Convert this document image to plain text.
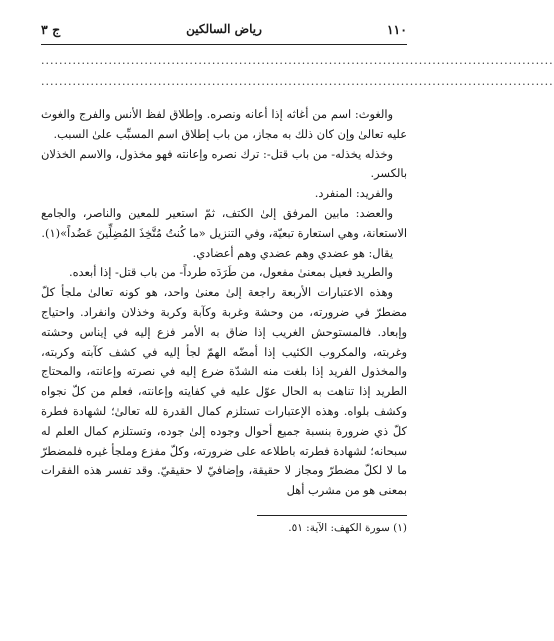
١١٠
رياض السالكين
ج ٣
..................................................................................................................
..................................................................................................................

والغوث: اسم من أغاثه إذا أعانه ونصره. وإطلاق لفظ الأنس والفرج والغوث عليه تعالىٰ وإن كان ذلك به مجاز، من باب إطلاق اسم المسبِّب علىٰ السبب.

وخذله يخذله- من باب قتل-: ترك نصره وإعانته فهو مخذول، والاسم الخذلان بالكسر.

والفريد: المنفرد.

والعضد: مابين المرفق إلىٰ الكتف، ثمّ استعير للمعين والناصر، والجامع الاستعانة، وهي استعارة تبعيّة، وفي التنزيل «ما كُنتُ مُتَّخِذَ المُضِلِّينَ عَضُداً»(١).

يقال: هو عضدي وهم عضدي وهم أعضادي.

والطريد فعيل بمعنىٰ مفعول، من طَرَدَه طرداً- من باب قتل- إذا أبعده.

وهذه الاعتبارات الأربعة راجعة إلىٰ معنىٰ واحد، هو كونه تعالىٰ ملجأ كلّ مضطرّ في ضرورته، من وحشة وغربة وكآبة وكربة وخذلان وانفراد. واحتياج وإبعاد. فالمستوحش الغريب إذا ضاق به الأمر فزع إليه في إيناس وحشته وغربته، والمكروب الكئيب إذا أمضّه الهمّ لجأ إليه في كشف كآبته وكربته، والمخذول الفريد إذا بلغت منه الشدّة ضرع إليه في نصرته وإعانته، والمحتاج الطريد إذا تناهت به الحال عوّل عليه في كفايته وإعانته، فعلم من كلّ نجواه وكشف بلواه. وهذه الإعتبارات تستلزم كمال القدرة لله تعالىٰ؛ لشهادة فطرة كلّ ذي ضرورة بنسبة جميع أحوال وجوده إلىٰ جوده، وتستلزم كمال العلم له سبحانه؛ لشهادة فطرته باطلاعه على ضرورته، وكلّ مفزع وملجأ غيره فلمضطرّ ما لا لكلّ مضطرّ ومجاز لا حقيقة، وإضافيّ لا حقيقيّ. وقد تفسر هذه الفقرات بمعنى هو من مشرب أهل

(١) سورة الكهف: الآية: ٥١.
